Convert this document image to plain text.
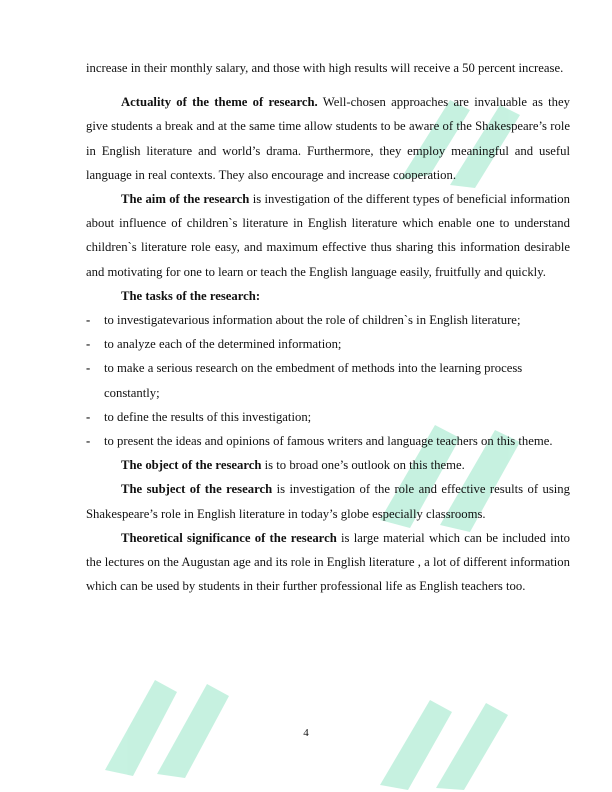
increase in their monthly salary, and those with high results will receive a 50 percent increase.

Actuality of the theme of research. Well-chosen approaches are invaluable as they give students a break and at the same time allow students to be aware of the Shakespeare’s role in English literature and world’s drama. Furthermore, they employ meaningful and useful language in real contexts. They also encourage and increase cooperation.

The aim of the research is investigation of the different types of beneficial information about influence of children`s literature in English literature which enable one to understand children`s literature role easy, and maximum effective thus sharing this information desirable and motivating for one to learn or teach the English language easily, fruitfully and quickly.

The tasks of the research:

- to investigatevarious information about the role of children`s in English literature;
- to analyze each of the determined information;
- to make a serious research on the embedment of methods into the learning process constantly;
- to define the results of this investigation;
- to present the ideas and opinions of famous writers and language teachers on this theme.

The object of the research is to broad one’s outlook on this theme.

The subject of the research is investigation of the role and effective results of using Shakespeare’s role in English literature in today’s globe especially classrooms.

Theoretical significance of the research is large material which can be included into the lectures on the Augustan age and its role in English literature , a lot of different information which can be used by students in their further professional life as English teachers too.

4
